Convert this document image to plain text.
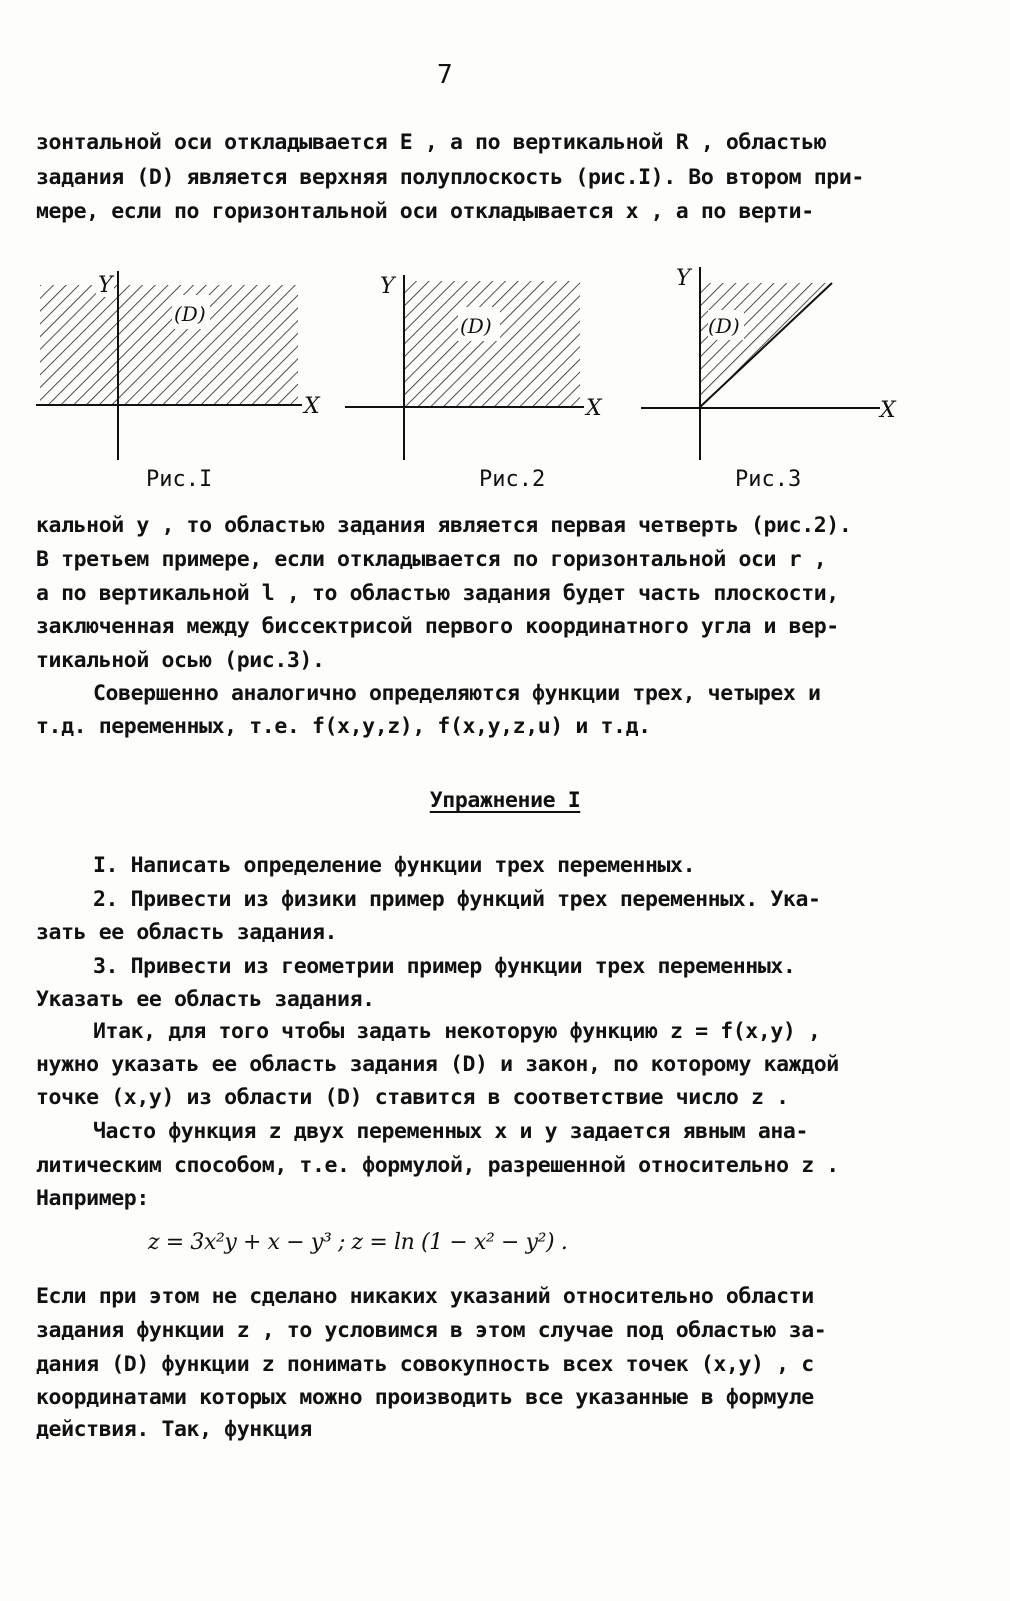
7

зонтальной оси откладывается Е , а по вертикальной R , областью

задания (D) является верхняя полуплоскость (рис.I). Во втором при-

мере, если по горизонтальной оси откладывается x , а по верти-

(D)
Y
X
(D)
Y
X
(D)
Y
X
Рис.I	Рис.2	Рис.3

кальной y , то областью задания является первая четверть (рис.2).

В третьем примере, если откладывается по горизонтальной оси r ,

а по вертикальной l , то областью задания будет часть плоскости,

заключенная между биссектрисой первого координатного угла и вер-

тикальной осью (рис.3).

Совершенно аналогично определяются функции трех, четырех и

т.д. переменных, т.е. f(x,y,z), f(x,y,z,u) и т.д.

Упражнение I

I. Написать определение функции трех переменных.

2. Привести из физики пример функций трех переменных. Ука-

зать ее область задания.

3. Привести из геометрии пример функции трех переменных.

Указать ее область задания.

Итак, для того чтобы задать некоторую функцию z = f(x,y) ,

нужно указать ее область задания (D) и закон, по которому каждой

точке (x,y) из области (D) ставится в соответствие число z .

Часто функция z двух переменных x и y задается явным ана-

литическим способом, т.е. формулой, разрешенной относительно z .

Например:

z = 3x²y + x − y³ ; z = ln (1 − x² − y²) .

Если при этом не сделано никаких указаний относительно области

задания функции z , то условимся в этом случае под областью за-

дания (D) функции z понимать совокупность всех точек (x,y) , с

координатами которых можно производить все указанные в формуле

действия. Так, функция
